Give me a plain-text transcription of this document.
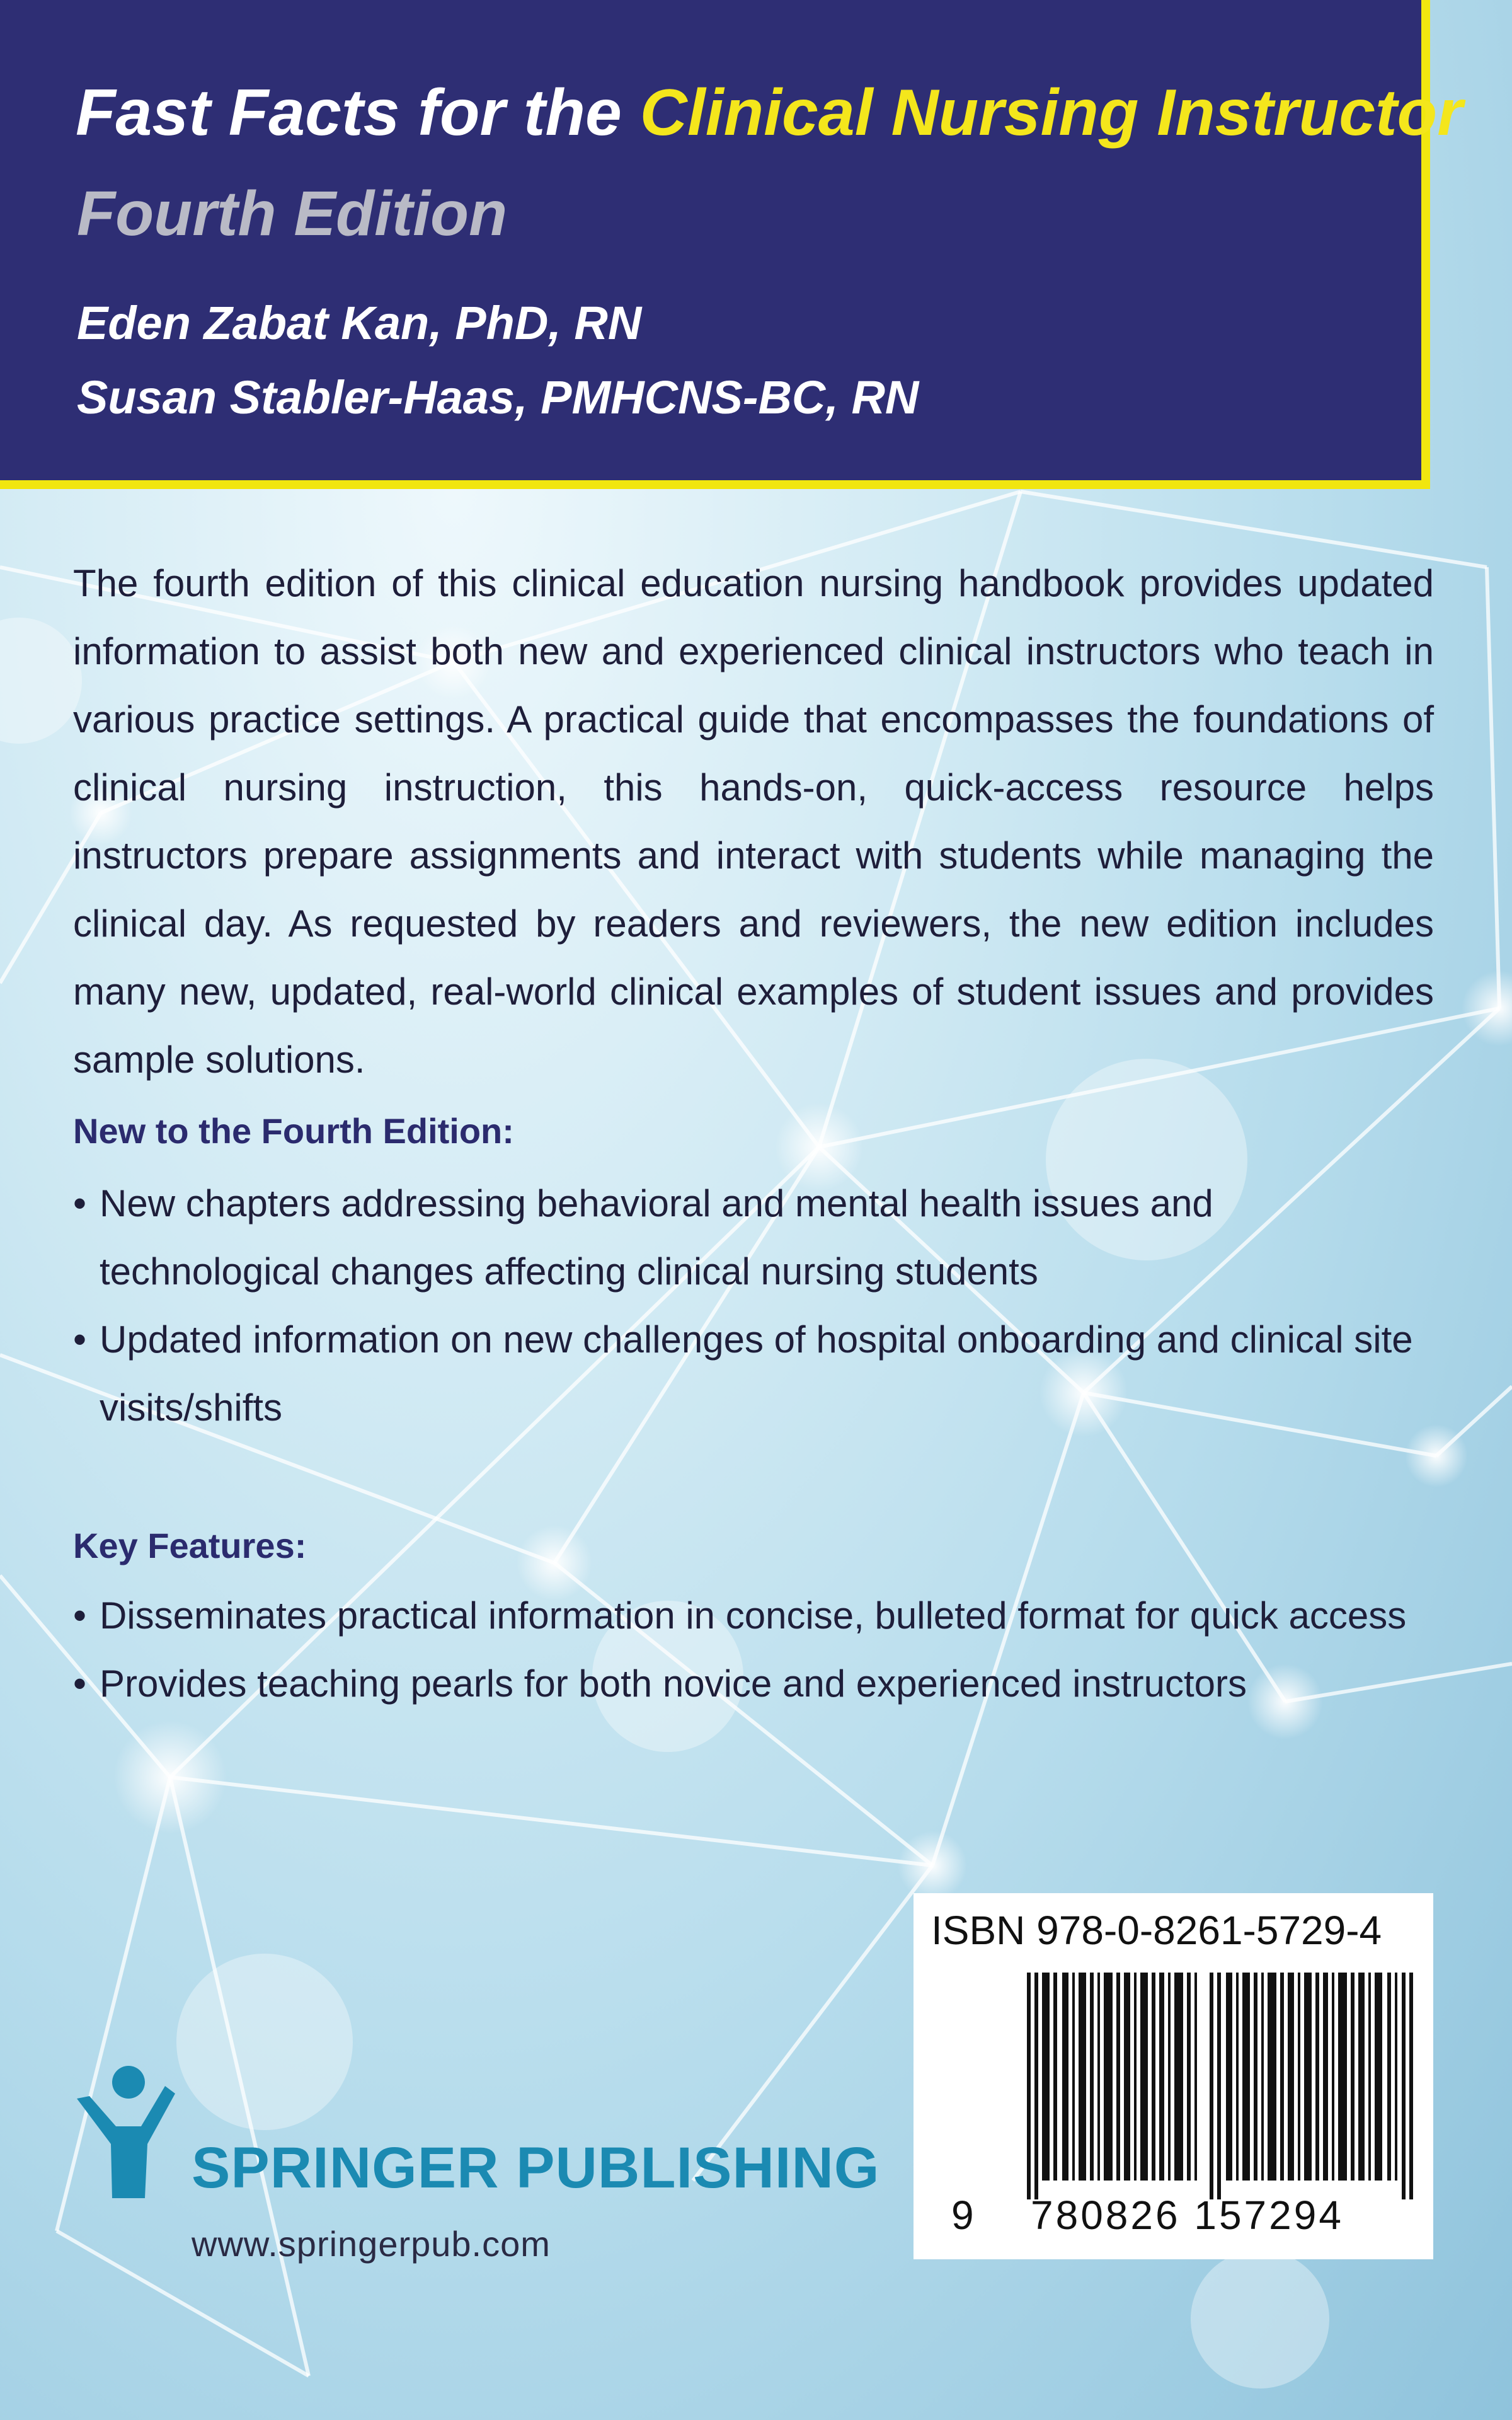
Fast Facts for the Clinical Nursing Instructor

Fourth Edition

Eden Zabat Kan, PhD, RN

Susan Stabler-Haas, PMHCNS-BC, RN

The fourth edition of this clinical education nursing handbook provides updated information to assist both new and experienced clinical instructors who teach in various practice settings. A practical guide that encompasses the foundations of clinical nursing instruction, this hands-on, quick-access resource helps instructors prepare assignments and interact with students while managing the clinical day. As requested by readers and reviewers, the new edition includes many new, updated, real-world clinical examples of student issues and provides sample solutions.

New to the Fourth Edition:

• New chapters addressing behavioral and mental health issues and technological changes affecting clinical nursing students
• Updated information on new challenges of hospital onboarding and clinical site visits/shifts

Key Features:

• Disseminates practical information in concise, bulleted format for quick access
• Provides teaching pearls for both novice and experienced instructors

ISBN 978-0-8261-5729-4

9 780826 157294

SPRINGER PUBLISHING

www.springerpub.com
